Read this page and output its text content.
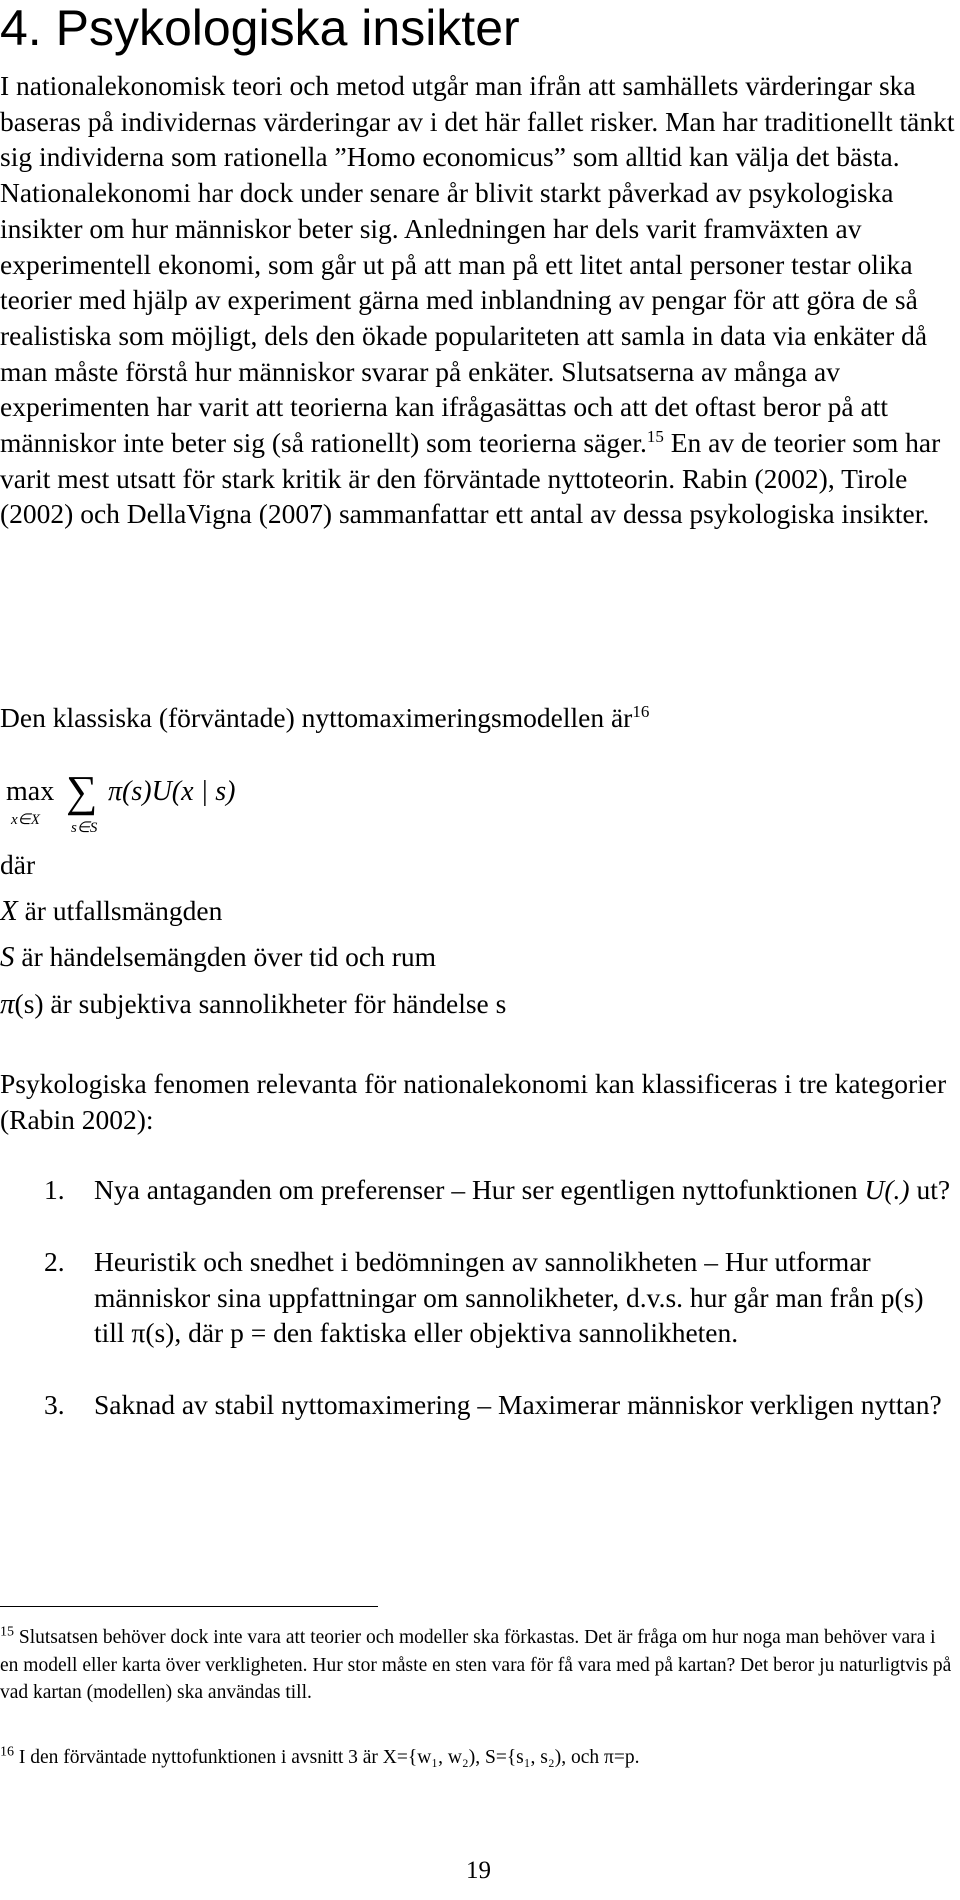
4. Psykologiska insikter

I nationalekonomisk teori och metod utgår man ifrån att samhällets värderingar ska baseras på individernas värderingar av i det här fallet risker. Man har traditionellt tänkt sig individerna som rationella ”Homo economicus” som alltid kan välja det bästa. Nationalekonomi har dock under senare år blivit starkt påverkad av psykologiska insikter om hur människor beter sig. Anledningen har dels varit framväxten av experimentell ekonomi, som går ut på att man på ett litet antal personer testar olika teorier med hjälp av experiment gärna med inblandning av pengar för att göra de så realistiska som möjligt, dels den ökade populariteten att samla in data via enkäter då man måste förstå hur människor svarar på enkäter. Slutsatserna av många av experimenten har varit att teorierna kan ifrågasättas och att det oftast beror på att människor inte beter sig (så rationellt) som teorierna säger.$^{15}$ En av de teorier som har varit mest utsatt för stark kritik är den förväntade nyttoteorin. Rabin (2002), Tirole (2002) och DellaVigna (2007) sammanfattar ett antal av dessa psykologiska insikter.

Den klassiska (förväntade) nyttomaximeringsmodellen $är^{16}$

max
x∈X
∑
s∈S
π(s)U(x | s)

där

X är utfallsmängden

S är händelsemängden över tid och rum

π(s) är subjektiva sannolikheter för händelse s

Psykologiska fenomen relevanta för nationalekonomi kan klassificeras i tre kategorier (Rabin 2002):

1. Nya antaganden om preferenser – Hur ser egentligen nyttofunktionen U(.) ut?

2. Heuristik och snedhet i bedömningen av sannolikheten – Hur utformar människor sina uppfattningar om sannolikheter, d.v.s. hur går man från p(s) till π(s), där p = den faktiska eller objektiva sannolikheten.

3. Saknad av stabil nyttomaximering – Maximerar människor verkligen nyttan?

$^{15}$ Slutsatsen behöver dock inte vara att teorier och modeller ska förkastas. Det är fråga om hur noga man behöver vara i en modell eller karta över verkligheten. Hur stor måste en sten vara för få vara med på kartan? Det beror ju naturligtvis på vad kartan (modellen) ska användas till.

$^{16}$ I den förväntade nyttofunktionen i avsnitt 3 är X={w₁, w₂), S={s₁, s₂), och π=p.

19
